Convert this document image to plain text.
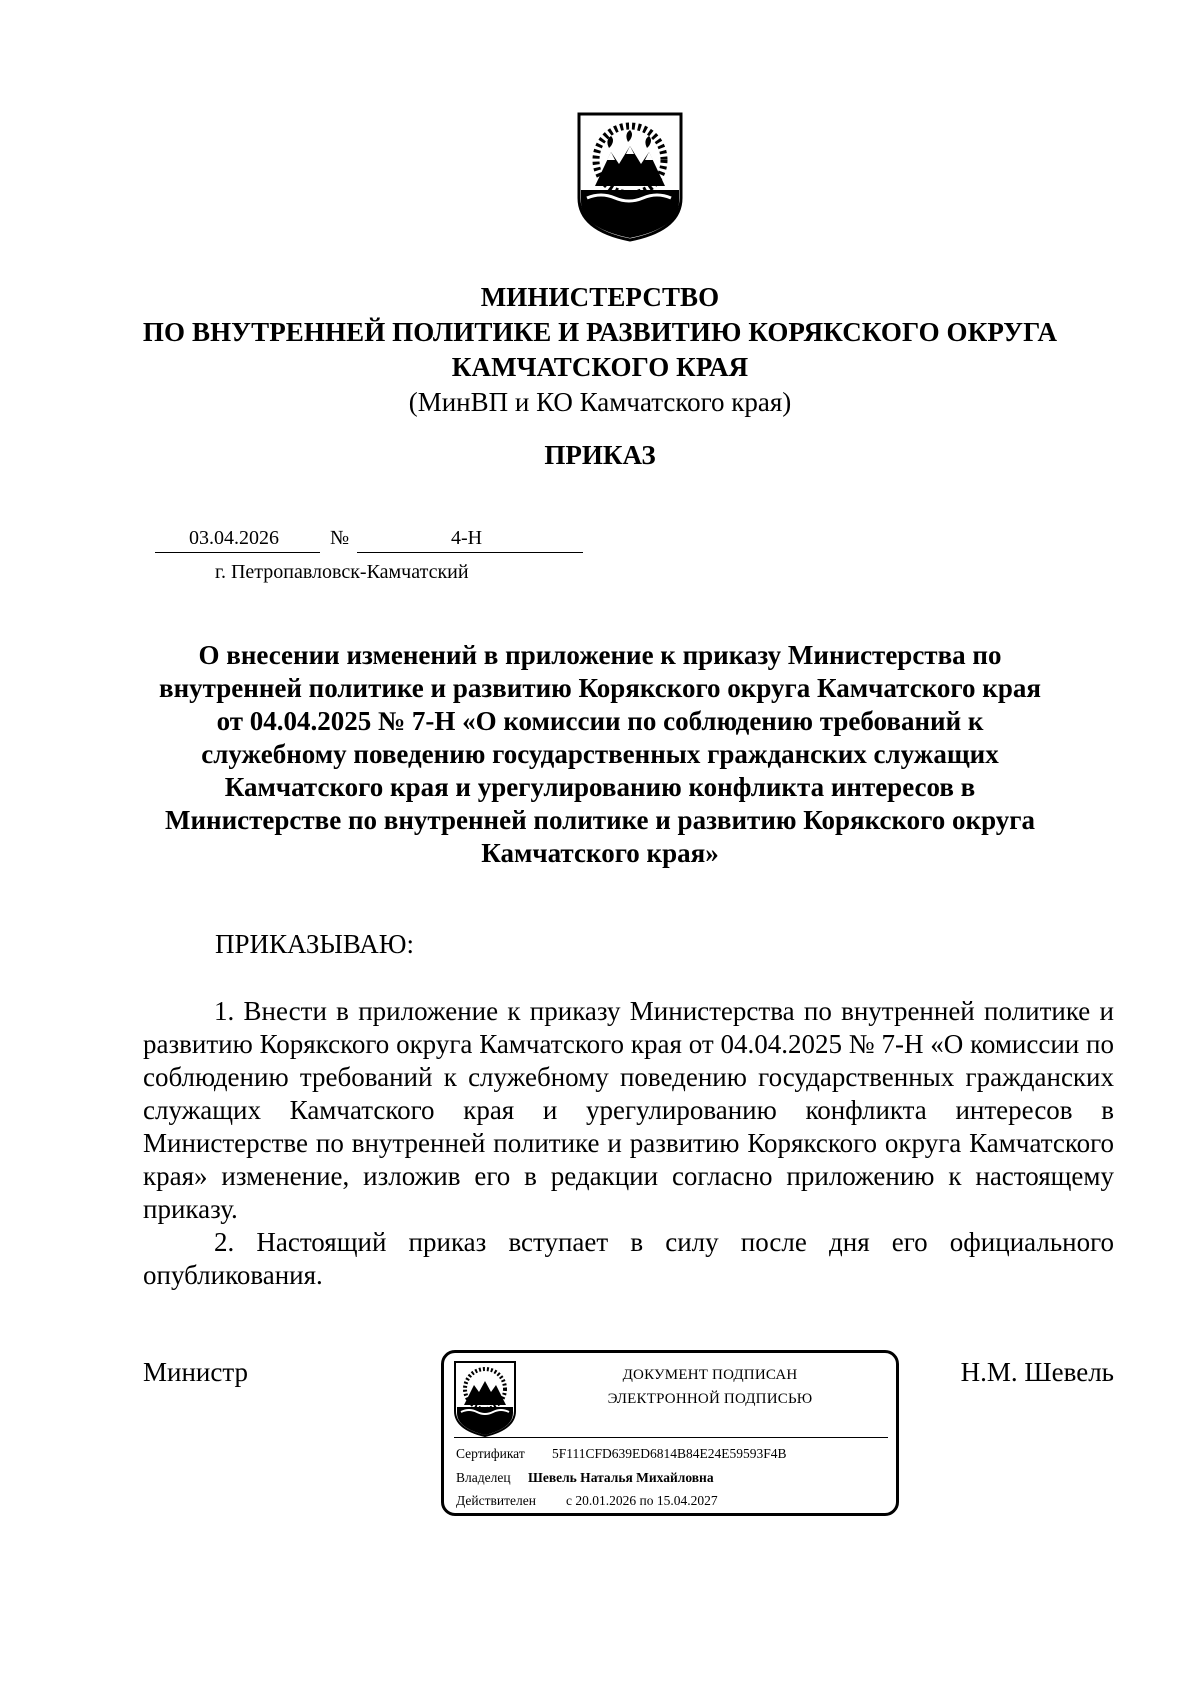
МИНИСТЕРСТВО
ПО ВНУТРЕННЕЙ ПОЛИТИКЕ И РАЗВИТИЮ КОРЯКСКОГО ОКРУГА
КАМЧАТСКОГО КРАЯ
(МинВП и КО Камчатского края)
ПРИКАЗ
03.04.2026	№	4-Н
г. Петропавловск-Камчатский
О внесении изменений в приложение к приказу Министерства по внутренней политике и развитию Корякского округа Камчатского края от 04.04.2025 № 7-Н «О комиссии по соблюдению требований к служебному поведению государственных гражданских служащих Камчатского края и урегулированию конфликта интересов в Министерстве по внутренней политике и развитию Корякского округа Камчатского края»
ПРИКАЗЫВАЮ:

1. Внести в приложение к приказу Министерства по внутренней политике и развитию Корякского округа Камчатского края от 04.04.2025 № 7-Н «О комиссии по соблюдению требований к служебному поведению государственных гражданских служащих Камчатского края и урегулированию конфликта интересов в Министерстве по внутренней политике и развитию Корякского округа Камчатского края» изменение, изложив его в редакции согласно приложению к настоящему приказу.

2. Настоящий приказ вступает в силу после дня его официального опубликования.

Министр	Н.М. Шевель
ДОКУМЕНТ ПОДПИСАН
ЭЛЕКТРОННОЙ ПОДПИСЬЮ
Сертификат 5F111CFD639ED6814B84E24E59593F4B
Владелец Шевель Наталья Михайловна
Действителен с 20.01.2026 по 15.04.2027
